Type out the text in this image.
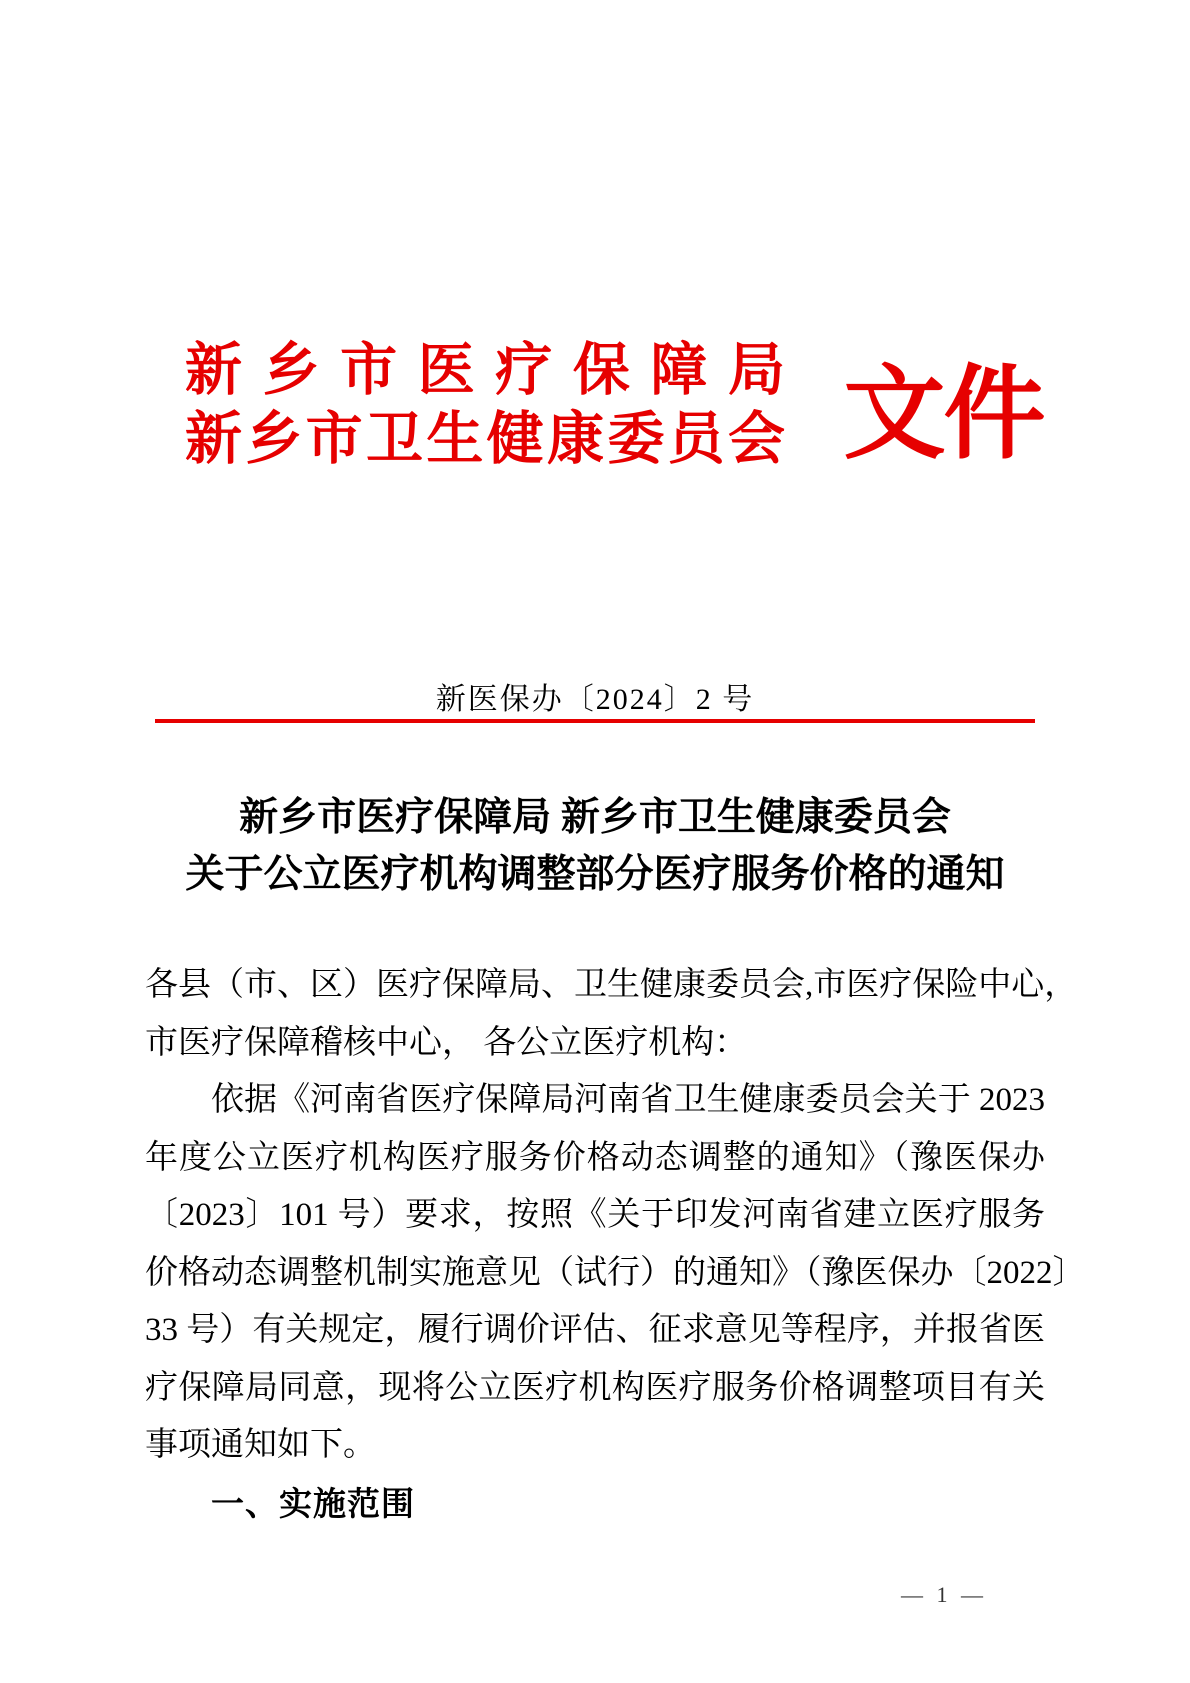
新乡市医疗保障局
新乡市卫生健康委员会 文件
新医保办〔2024〕2 号
新乡市医疗保障局 新乡市卫生健康委员会
关于公立医疗机构调整部分医疗服务价格的通知
各县（市、区）医疗保障局、卫生健康委员会,市医疗保险中心，
市医疗保障稽核中心， 各公立医疗机构：
依据《河南省医疗保障局河南省卫生健康委员会关于 2023
年度公立医疗机构医疗服务价格动态调整的通知》（豫医保办
〔2023〕101 号）要求，按照《关于印发河南省建立医疗服务
价格动态调整机制实施意见（试行）的通知》（豫医保办〔2022〕
33 号）有关规定，履行调价评估、征求意见等程序，并报省医
疗保障局同意，现将公立医疗机构医疗服务价格调整项目有关
事项通知如下。
一、实施范围
— 1 —
